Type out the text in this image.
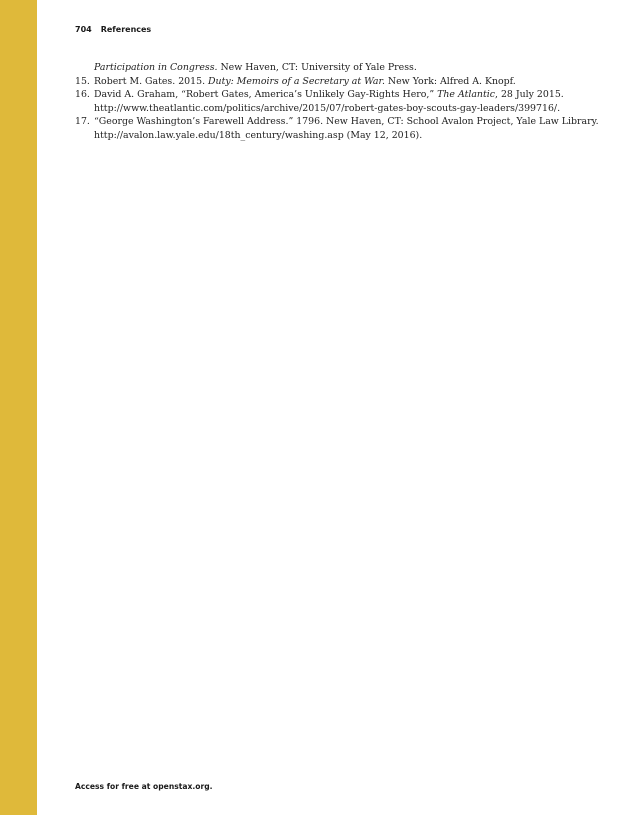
704 References
Participation in Congress. New Haven, CT: University of Yale Press.
15. Robert M. Gates. 2015. Duty: Memoirs of a Secretary at War. New York: Alfred A. Knopf.
16. David A. Graham, “Robert Gates, America’s Unlikely Gay-Rights Hero,” The Atlantic, 28 July 2015.
http://www.theatlantic.com/politics/archive/2015/07/robert-gates-boy-scouts-gay-leaders/399716/.
17. “George Washington’s Farewell Address.” 1796. New Haven, CT: School Avalon Project, Yale Law Library.
http://avalon.law.yale.edu/18th_century/washing.asp (May 12, 2016).
Access for free at openstax.org.
